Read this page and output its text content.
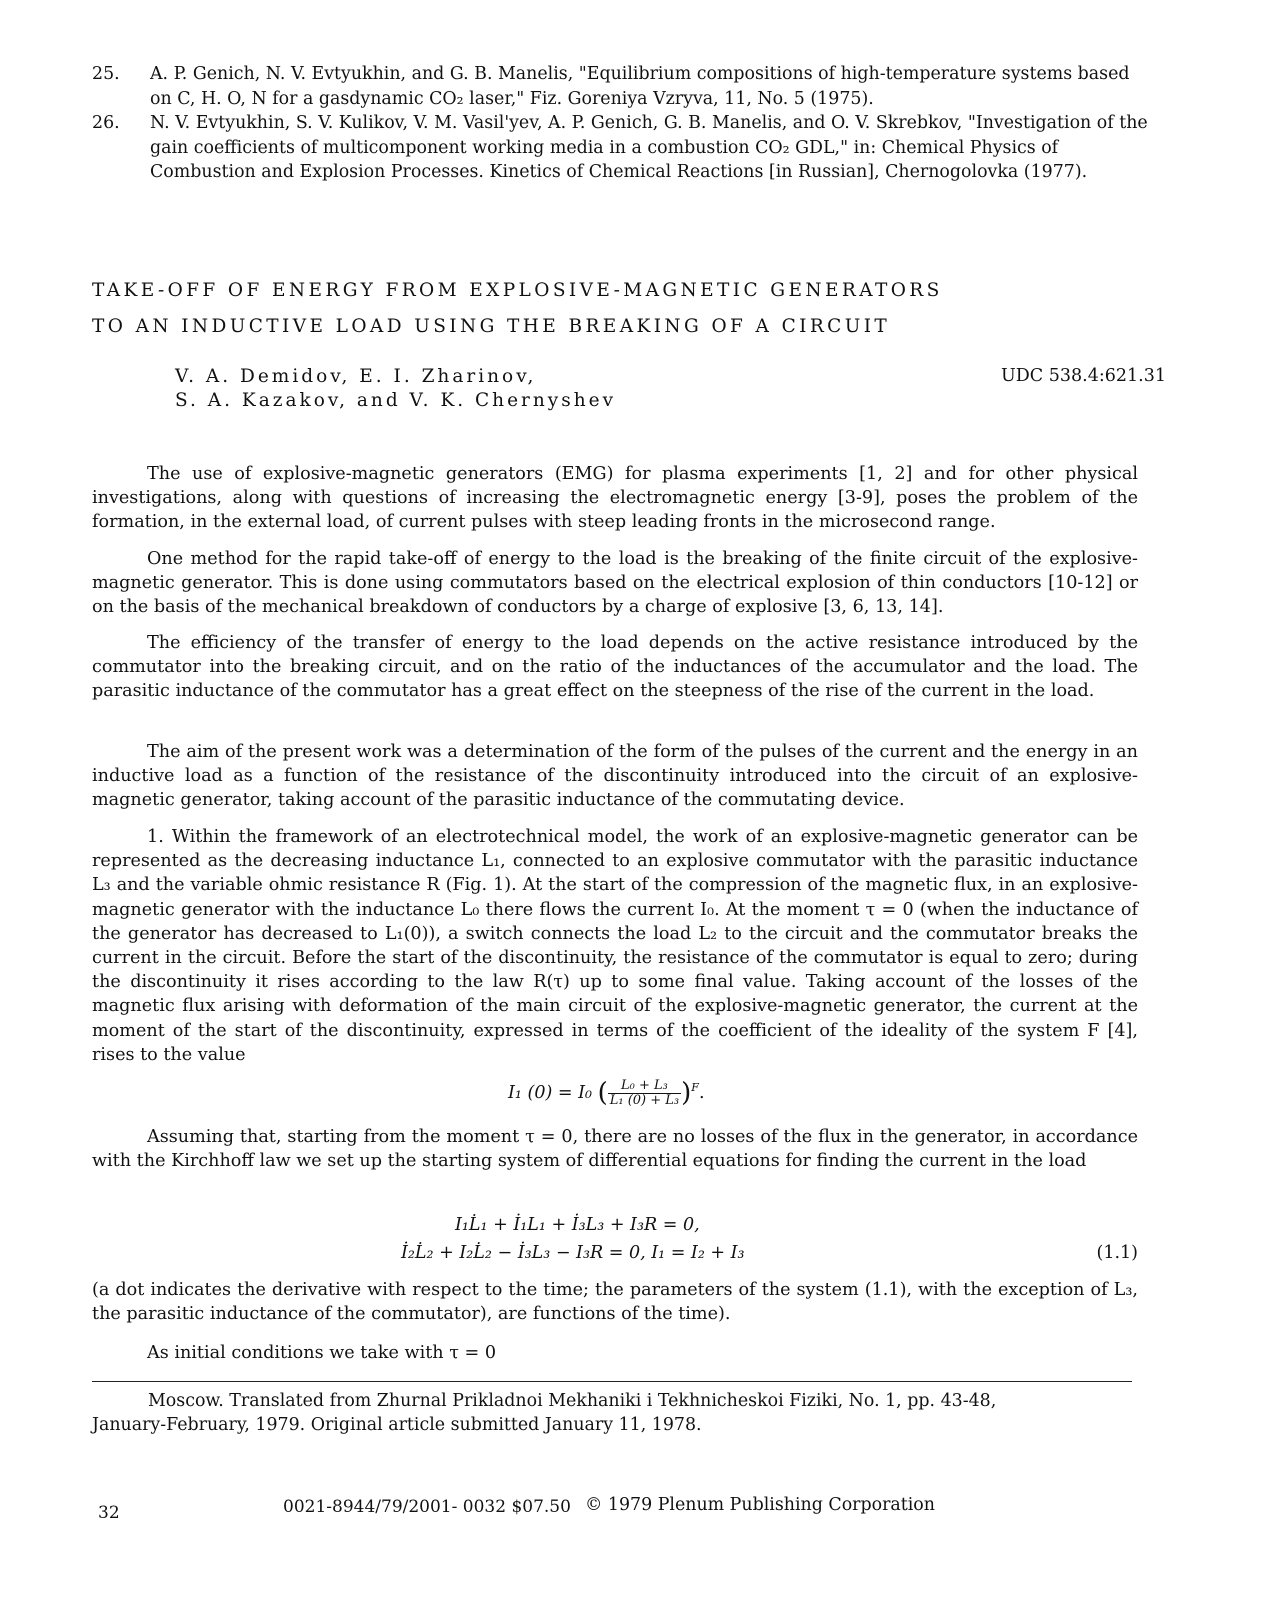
25. A. P. Genich, N. V. Evtyukhin, and G. B. Manelis, "Equilibrium compositions of high-temperature systems based on C, H. O, N for a gasdynamic CO₂ laser," Fiz. Goreniya Vzryva, 11, No. 5 (1975).
26. N. V. Evtyukhin, S. V. Kulikov, V. M. Vasil'yev, A. P. Genich, G. B. Manelis, and O. V. Skrebkov, "Investigation of the gain coefficients of multicomponent working media in a combustion CO₂ GDL," in: Chemical Physics of Combustion and Explosion Processes. Kinetics of Chemical Reactions [in Russian], Chernogolovka (1977).
TAKE-OFF OF ENERGY FROM EXPLOSIVE-MAGNETIC GENERATORS
TO AN INDUCTIVE LOAD USING THE BREAKING OF A CIRCUIT
V. A. Demidov, E. I. Zharinov,
S. A. Kazakov, and V. K. Chernyshev
UDC 538.4:621.31
The use of explosive-magnetic generators (EMG) for plasma experiments [1, 2] and for other physical investigations, along with questions of increasing the electromagnetic energy [3-9], poses the problem of the formation, in the external load, of current pulses with steep leading fronts in the microsecond range.
One method for the rapid take-off of energy to the load is the breaking of the finite circuit of the explosive-magnetic generator. This is done using commutators based on the electrical explosion of thin conductors [10-12] or on the basis of the mechanical breakdown of conductors by a charge of explosive [3, 6, 13, 14].
The efficiency of the transfer of energy to the load depends on the active resistance introduced by the commutator into the breaking circuit, and on the ratio of the inductances of the accumulator and the load. The parasitic inductance of the commutator has a great effect on the steepness of the rise of the current in the load.
The aim of the present work was a determination of the form of the pulses of the current and the energy in an inductive load as a function of the resistance of the discontinuity introduced into the circuit of an explosive-magnetic generator, taking account of the parasitic inductance of the commutating device.
1. Within the framework of an electrotechnical model, the work of an explosive-magnetic generator can be represented as the decreasing inductance L₁, connected to an explosive commutator with the parasitic inductance L₃ and the variable ohmic resistance R (Fig. 1). At the start of the compression of the magnetic flux, in an explosive-magnetic generator with the inductance L₀ there flows the current I₀. At the moment τ = 0 (when the inductance of the generator has decreased to L₁(0)), a switch connects the load L₂ to the circuit and the commutator breaks the current in the circuit. Before the start of the discontinuity, the resistance of the commutator is equal to zero; during the discontinuity it rises according to the law R(τ) up to some final value. Taking account of the losses of the magnetic flux arising with deformation of the main circuit of the explosive-magnetic generator, the current at the moment of the start of the discontinuity, expressed in terms of the coefficient of the ideality of the system F [4], rises to the value
I₁ (0) = I₀ ( $\frac{\text{L₀ + L₃}}{\text{L₁ (0) + L₃}} )^F$.
Assuming that, starting from the moment τ = 0, there are no losses of the flux in the generator, in accordance with the Kirchhoff law we set up the starting system of differential equations for finding the current in the load
I₁L̇₁ + İ₁L₁ + İ₃L₃ + I₃R = 0,
İ₂L̇₂ + I₂L̇₂ − İ₃L₃ − I₃R = 0, I₁ = I₂ + I₃	(1.1)
(a dot indicates the derivative with respect to the time; the parameters of the system (1.1), with the exception of L₃, the parasitic inductance of the commutator), are functions of the time).
As initial conditions we take with τ = 0
Moscow. Translated from Zhurnal Prikladnoi Mekhaniki i Tekhnicheskoi Fiziki, No. 1, pp. 43-48,
January-February, 1979. Original article submitted January 11, 1978.
32	0021-8944/79/2001- 0032 $07.50 © 1979 Plenum Publishing Corporation
